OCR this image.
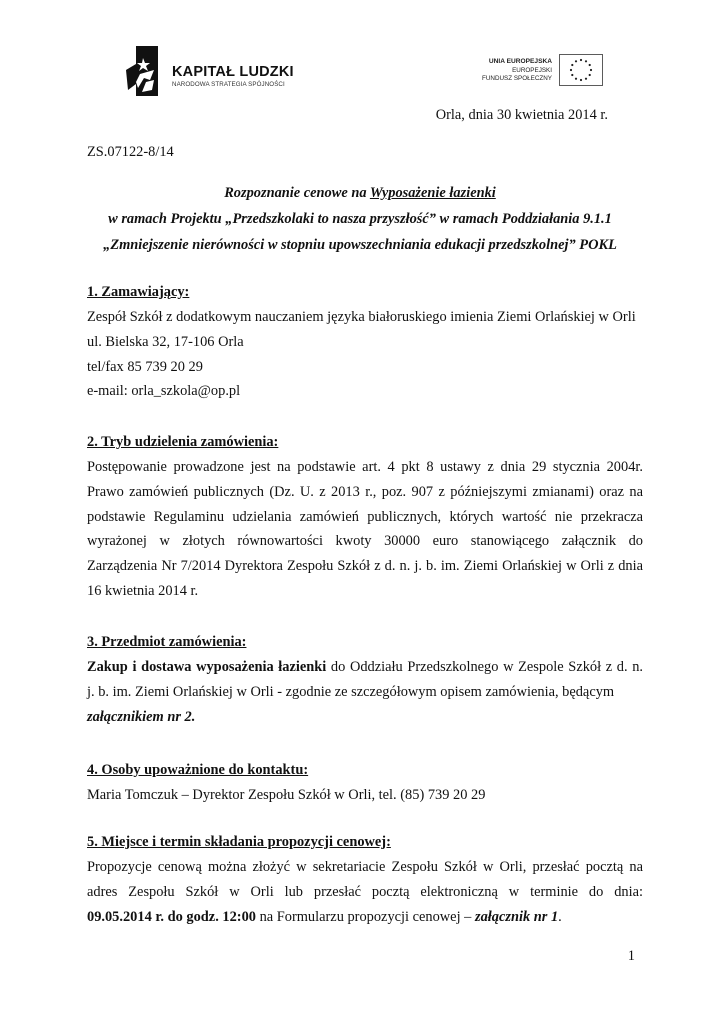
KAPITAŁ LUDZKI
NARODOWA STRATEGIA SPÓJNOŚCI
UNIA EUROPEJSKA
EUROPEJSKI
FUNDUSZ SPOŁECZNY
Orla, dnia 30 kwietnia 2014 r.
ZS.07122-8/14
Rozpoznanie cenowe na Wyposażenie łazienki
w ramach Projektu „Przedszkolaki to nasza przyszłość” w ramach Poddziałania 9.1.1
„Zmniejszenie nierówności w stopniu upowszechniania edukacji przedszkolnej” POKL
1. Zamawiający:
Zespół Szkół z dodatkowym nauczaniem języka białoruskiego imienia Ziemi Orlańskiej w Orli
ul. Bielska 32, 17-106 Orla
tel/fax 85 739 20 29
e-mail: orla_szkola@op.pl
2. Tryb udzielenia zamówienia:
Postępowanie prowadzone jest na podstawie art. 4 pkt 8 ustawy z dnia 29 stycznia 2004r.
Prawo zamówień publicznych (Dz. U. z 2013 r., poz. 907 z późniejszymi zmianami) oraz na
podstawie Regulaminu udzielania zamówień publicznych, których wartość nie przekracza
wyrażonej w złotych równowartości kwoty 30000 euro stanowiącego załącznik do
Zarządzenia Nr 7/2014 Dyrektora Zespołu Szkół z d. n. j. b. im. Ziemi Orlańskiej w Orli z dnia
16 kwietnia 2014 r.
3. Przedmiot zamówienia:
Zakup i dostawa wyposażenia łazienki do Oddziału Przedszkolnego w Zespole Szkół z d. n.
j. b. im. Ziemi Orlańskiej w Orli - zgodnie ze szczegółowym opisem zamówienia, będącym
załącznikiem nr 2.
4. Osoby upoważnione do kontaktu:
Maria Tomczuk – Dyrektor Zespołu Szkół w Orli, tel. (85) 739 20 29
5. Miejsce i termin składania propozycji cenowej:
Propozycje cenową można złożyć w sekretariacie Zespołu Szkół w Orli, przesłać pocztą na
adres Zespołu Szkół w Orli lub przesłać pocztą elektroniczną w terminie do dnia:
09.05.2014 r. do godz. 12:00 na Formularzu propozycji cenowej – załącznik nr 1.
1
